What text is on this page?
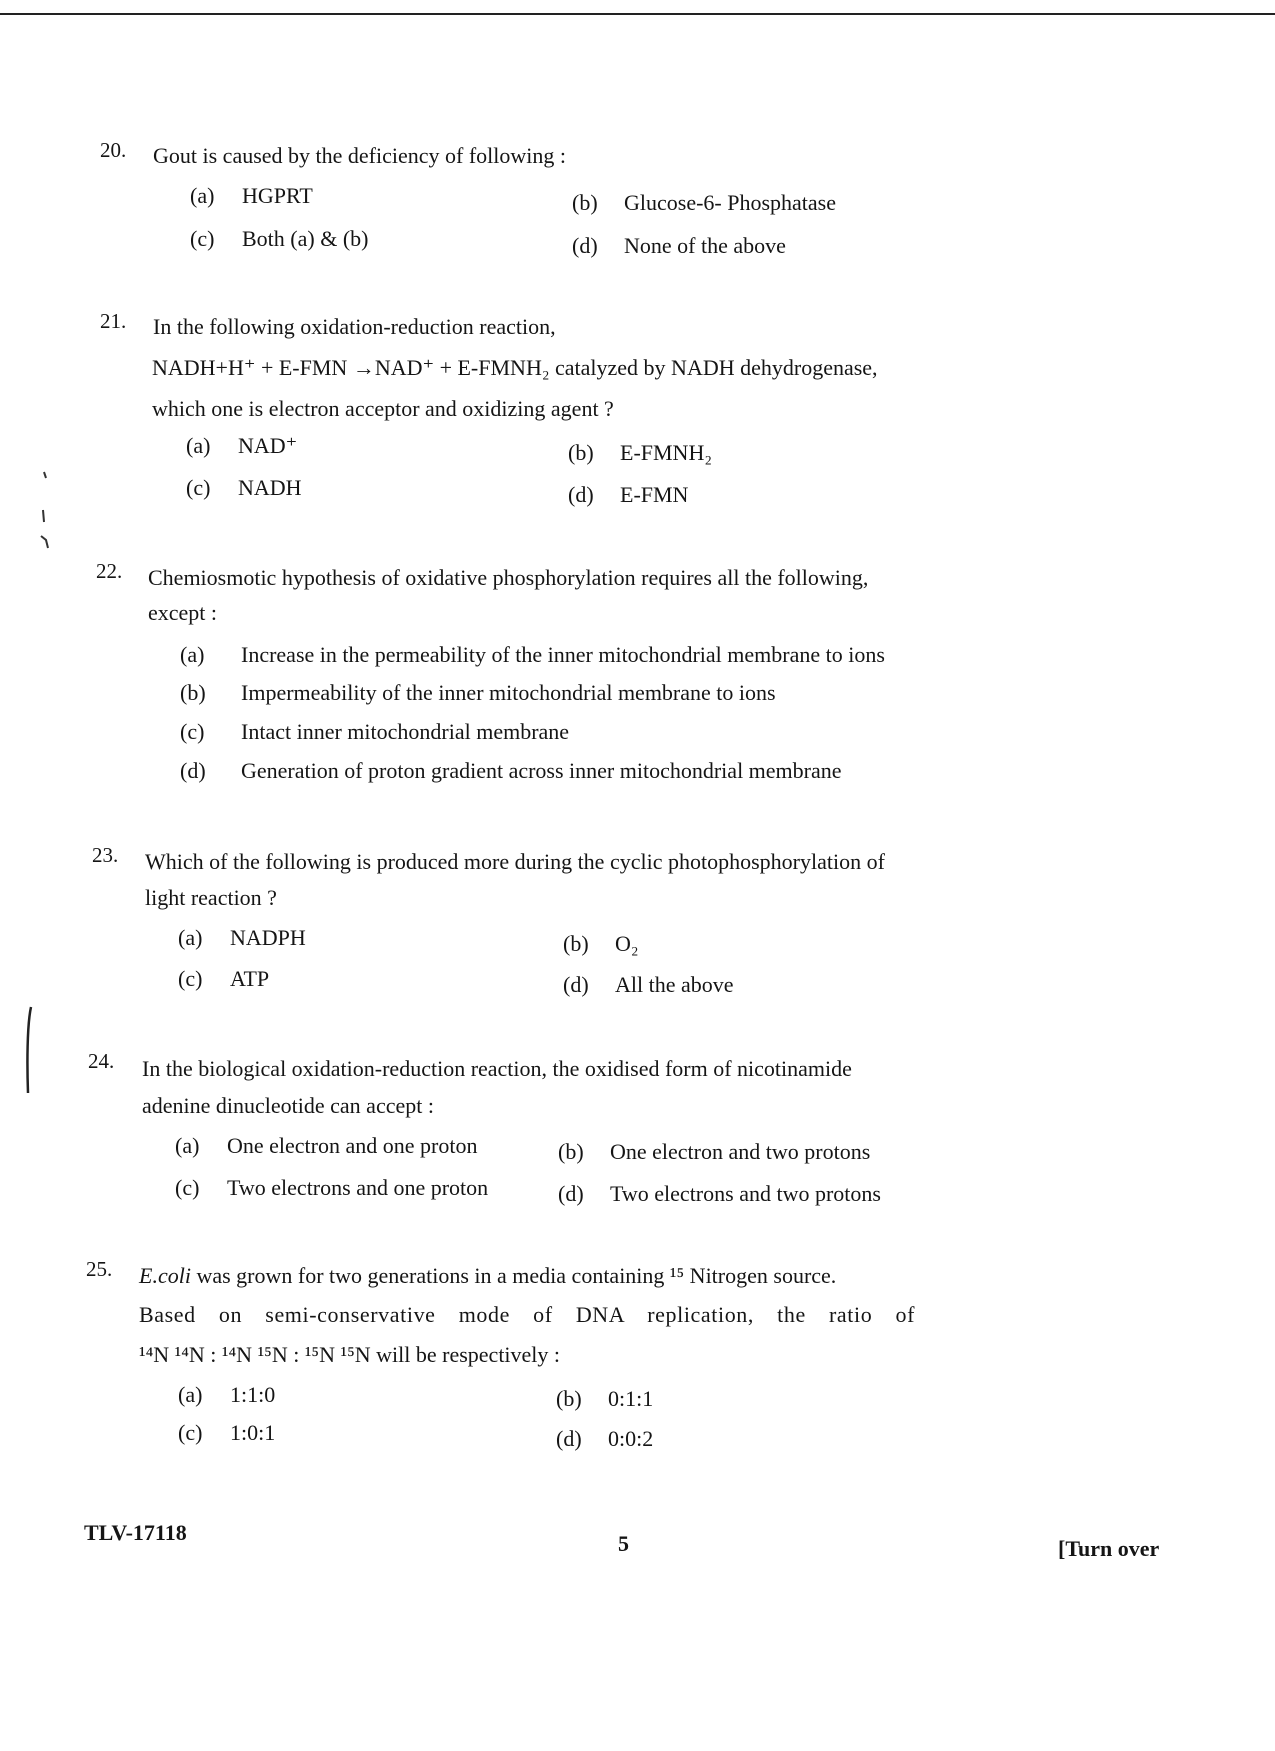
20. Gout is caused by the deficiency of following :
(a) HGPRT	(b) Glucose-6- Phosphatase
(c) Both (a) & (b)	(d) None of the above
21. In the following oxidation-reduction reaction,
NADH+H⁺ + E-FMN →NAD⁺ + E-FMNH₂ catalyzed by NADH dehydrogenase,
which one is electron acceptor and oxidizing agent ?
(a) NAD⁺	(b) E-FMNH₂
(c) NADH	(d) E-FMN
22. Chemiosmotic hypothesis of oxidative phosphorylation requires all the following,
except :
(a) Increase in the permeability of the inner mitochondrial membrane to ions
(b) Impermeability of the inner mitochondrial membrane to ions
(c) Intact inner mitochondrial membrane
(d) Generation of proton gradient across inner mitochondrial membrane
23. Which of the following is produced more during the cyclic photophosphorylation of
light reaction ?
(a) NADPH	(b) O₂
(c) ATP	(d) All the above
24. In the biological oxidation-reduction reaction, the oxidised form of nicotinamide
adenine dinucleotide can accept :
(a) One electron and one proton	(b) One electron and two protons
(c) Two electrons and one proton	(d) Two electrons and two protons
25. E.coli was grown for two generations in a media containing ¹⁵ Nitrogen source.
Based on semi-conservative mode of DNA replication, the ratio of
¹⁴N ¹⁴N : ¹⁴N ¹⁵N : ¹⁵N ¹⁵N will be respectively :
(a) 1:1:0	(b) 0:1:1
(c) 1:0:1	(d) 0:0:2
TLV-17118	5	[Turn over
